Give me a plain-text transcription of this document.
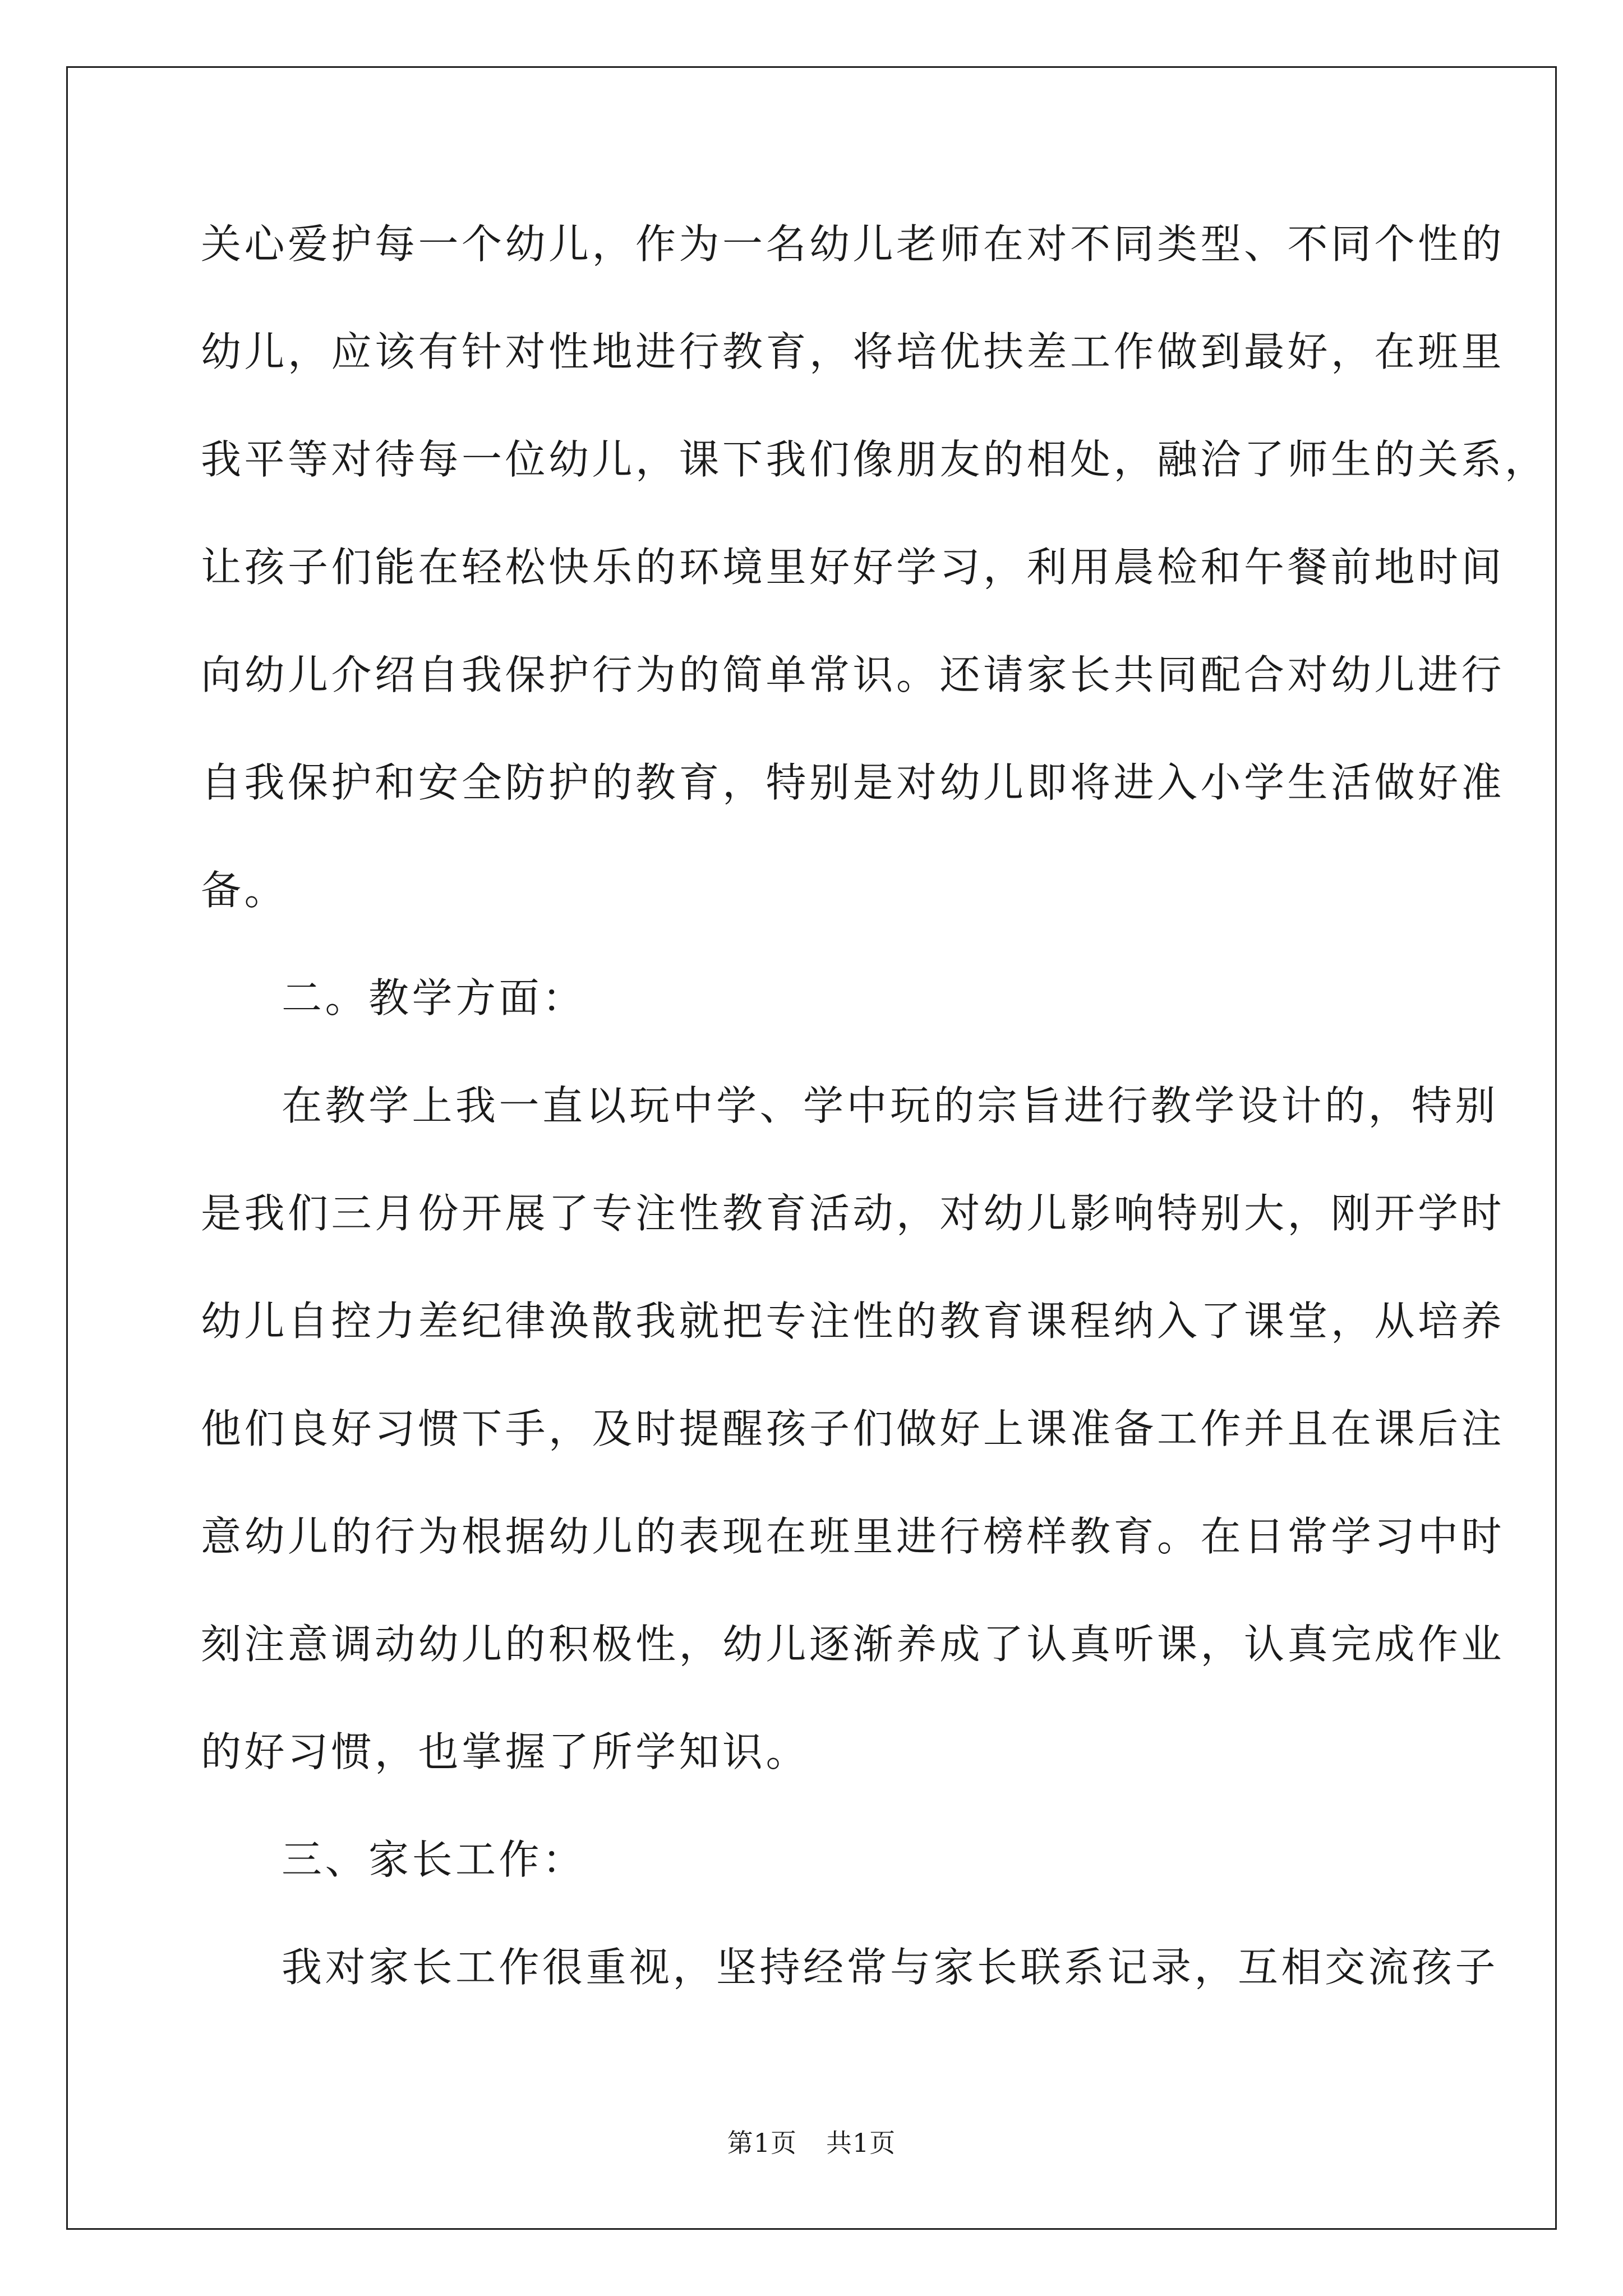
关心爱护每一个幼儿，作为一名幼儿老师在对不同类型、不同个性的
幼儿，应该有针对性地进行教育，将培优扶差工作做到最好，在班里
我平等对待每一位幼儿，课下我们像朋友的相处，融洽了师生的关系，
让孩子们能在轻松快乐的环境里好好学习，利用晨检和午餐前地时间
向幼儿介绍自我保护行为的简单常识。还请家长共同配合对幼儿进行
自我保护和安全防护的教育，特别是对幼儿即将进入小学生活做好准
备。
二。教学方面：
在教学上我一直以玩中学、学中玩的宗旨进行教学设计的，特别
是我们三月份开展了专注性教育活动，对幼儿影响特别大，刚开学时
幼儿自控力差纪律涣散我就把专注性的教育课程纳入了课堂，从培养
他们良好习惯下手，及时提醒孩子们做好上课准备工作并且在课后注
意幼儿的行为根据幼儿的表现在班里进行榜样教育。在日常学习中时
刻注意调动幼儿的积极性，幼儿逐渐养成了认真听课，认真完成作业
的好习惯，也掌握了所学知识。
三、家长工作：
我对家长工作很重视，坚持经常与家长联系记录，互相交流孩子
第1页 共1页
